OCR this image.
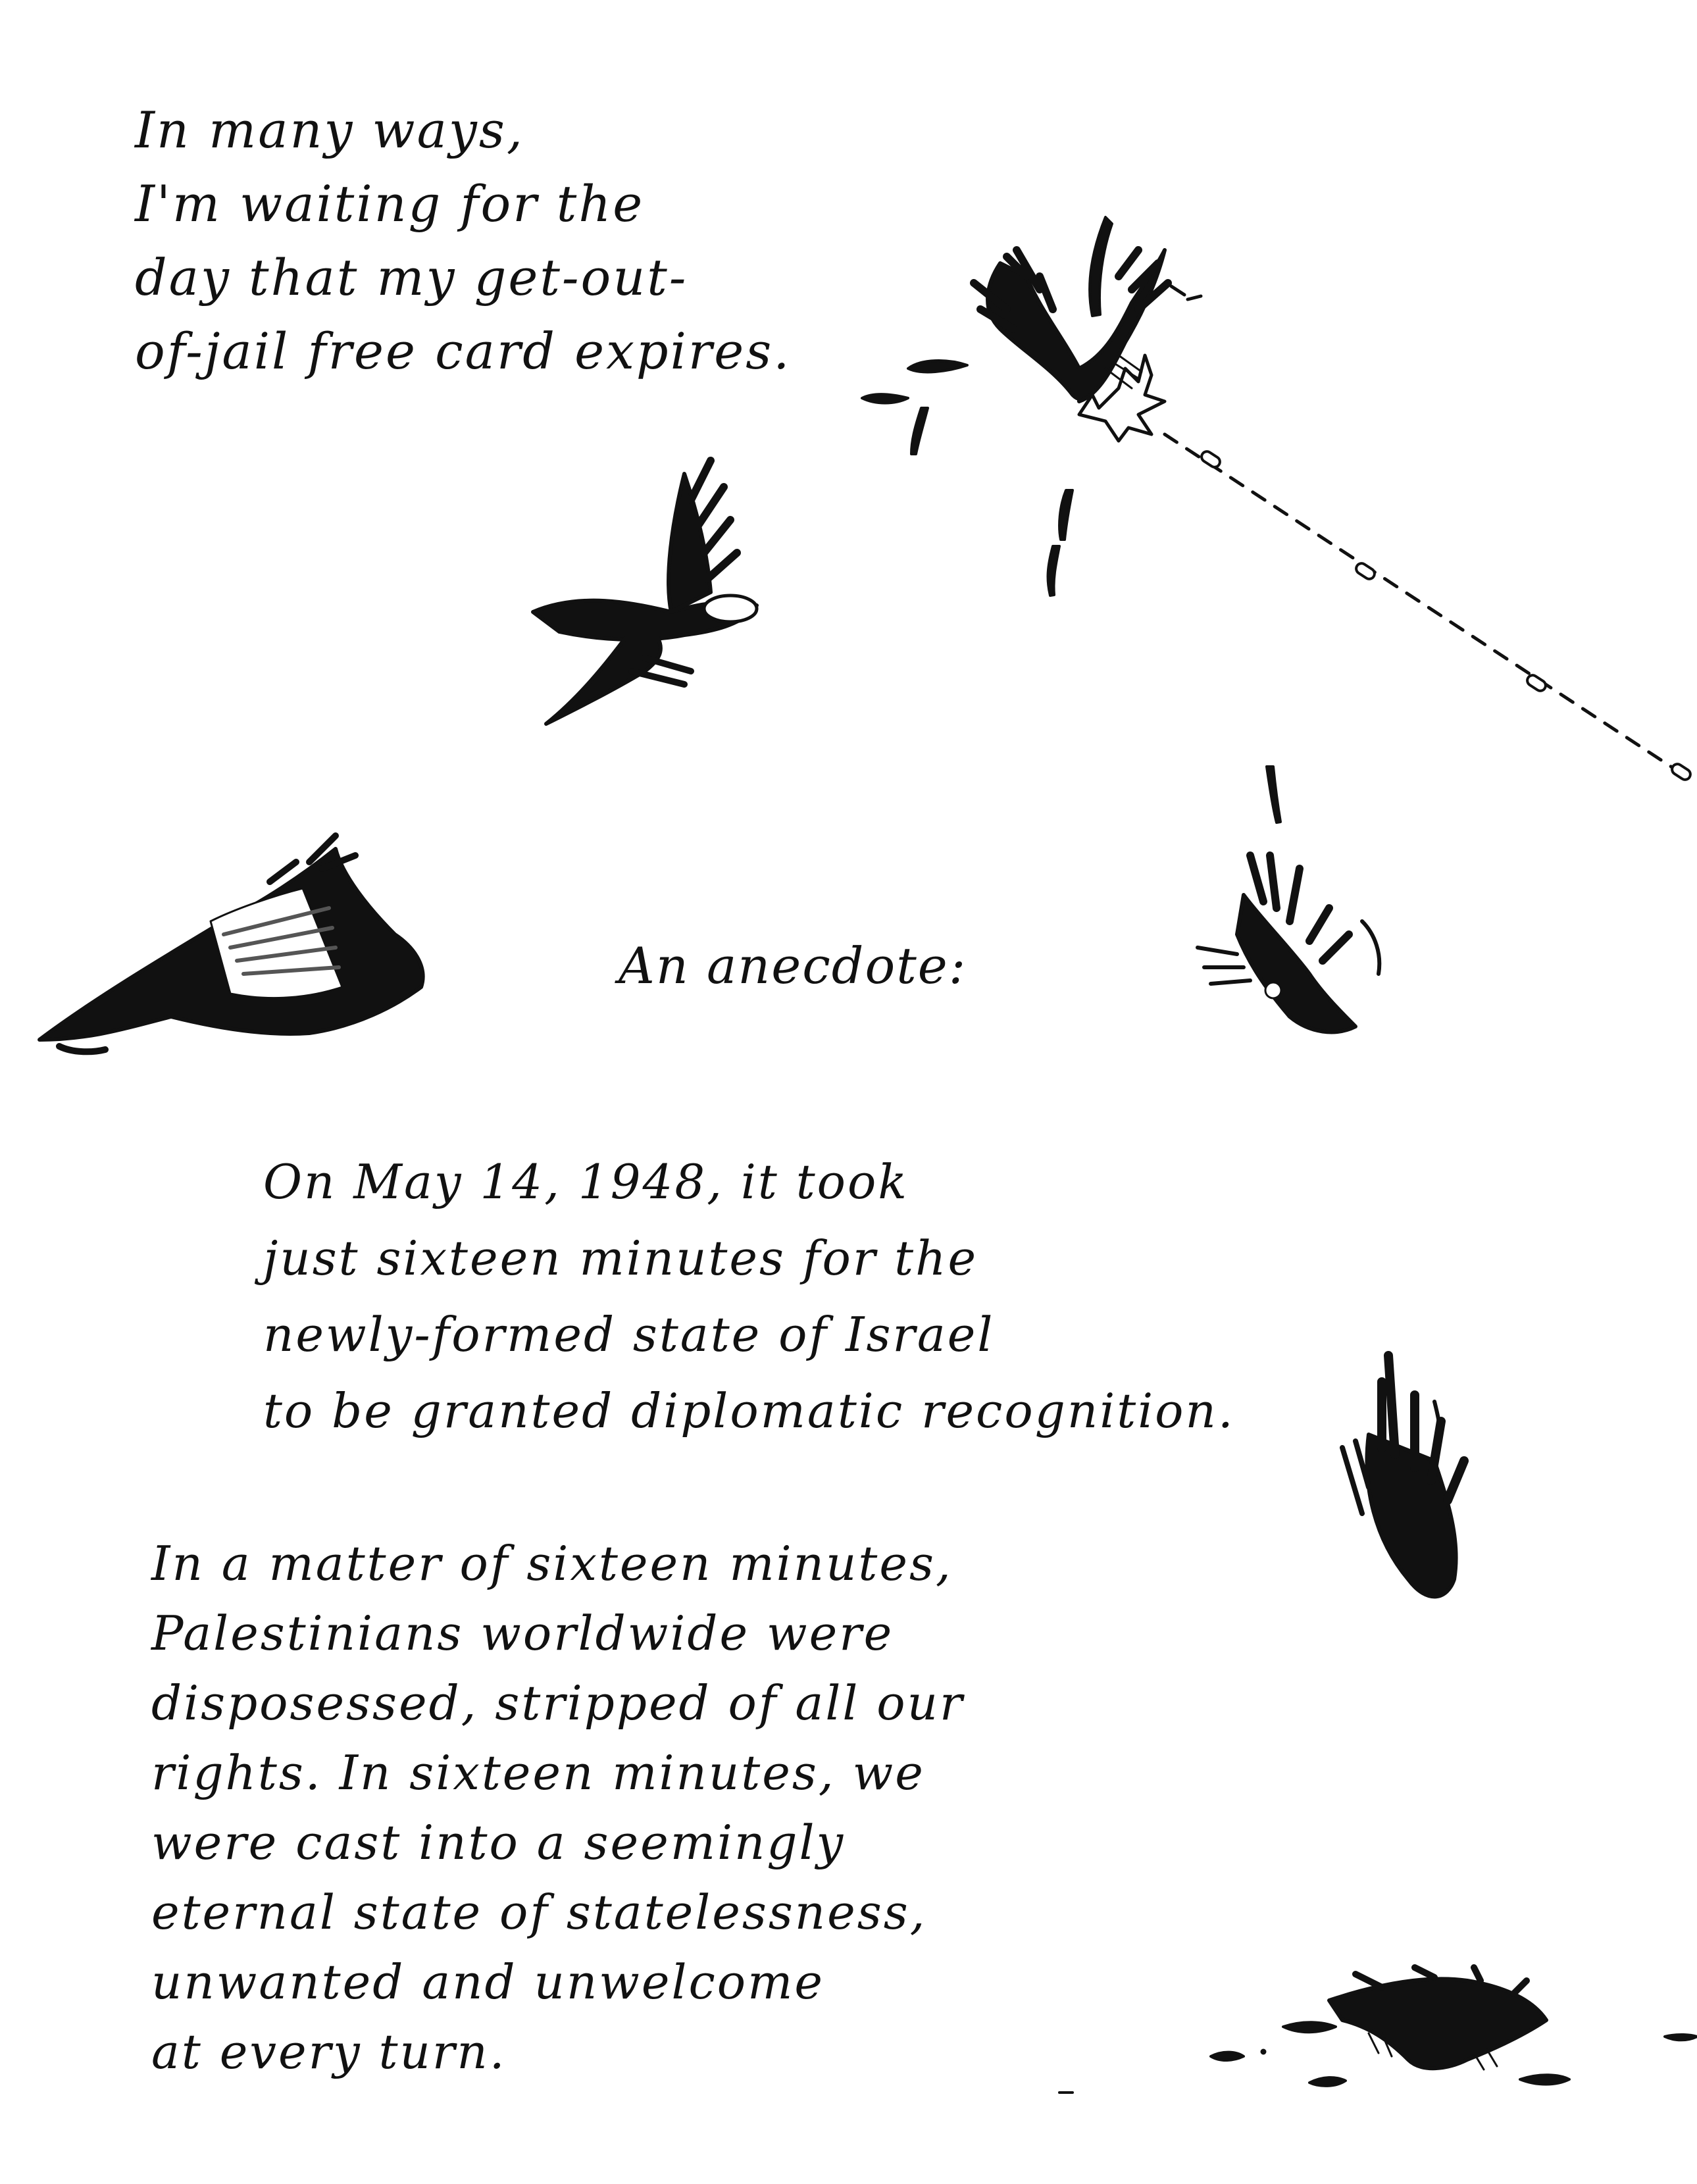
In many ways,
I'm waiting for the
day that my get-out-
of-jail free card expires.
An anecdote:
On May 14, 1948, it took
just sixteen minutes for the
newly-formed state of Israel
to be granted diplomatic recognition.
In a matter of sixteen minutes,
Palestinians worldwide were
disposessed, stripped of all our
rights. In sixteen minutes, we
were cast into a seemingly
eternal state of statelessness,
unwanted and unwelcome
at every turn.
